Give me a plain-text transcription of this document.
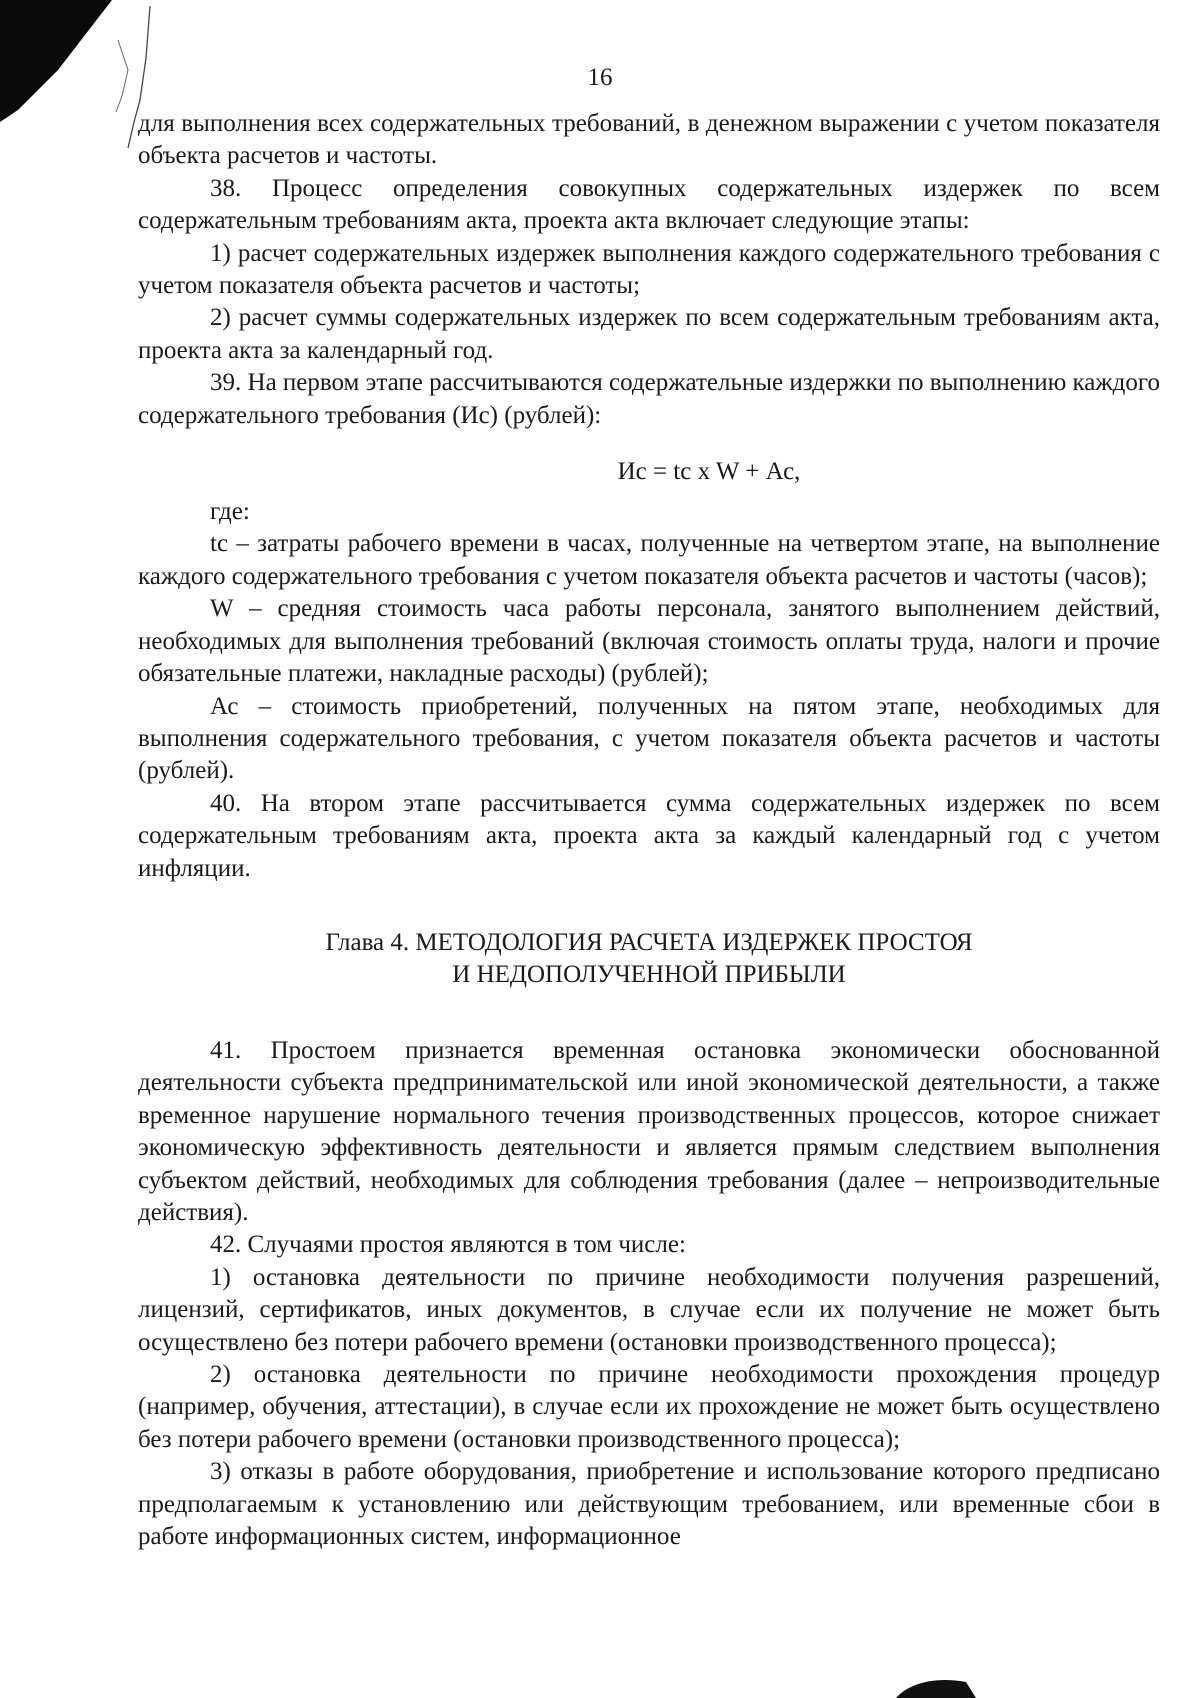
16

для выполнения всех содержательных требований, в денежном выражении с учетом показателя объекта расчетов и частоты.

38. Процесс определения совокупных содержательных издержек по всем содержательным требованиям акта, проекта акта включает следующие этапы:

1) расчет содержательных издержек выполнения каждого содержательного требования с учетом показателя объекта расчетов и частоты;

2) расчет суммы содержательных издержек по всем содержательным требованиям акта, проекта акта за календарный год.

39. На первом этапе рассчитываются содержательные издержки по выполнению каждого содержательного требования (Ис) (рублей):

Ис = tс x W + Ас,

где:

tс – затраты рабочего времени в часах, полученные на четвертом этапе, на выполнение каждого содержательного требования с учетом показателя объекта расчетов и частоты (часов);

W – средняя стоимость часа работы персонала, занятого выполнением действий, необходимых для выполнения требований (включая стоимость оплаты труда, налоги и прочие обязательные платежи, накладные расходы) (рублей);

Ас – стоимость приобретений, полученных на пятом этапе, необходимых для выполнения содержательного требования, с учетом показателя объекта расчетов и частоты (рублей).

40. На втором этапе рассчитывается сумма содержательных издержек по всем содержательным требованиям акта, проекта акта за каждый календарный год с учетом инфляции.

Глава 4. МЕТОДОЛОГИЯ РАСЧЕТА ИЗДЕРЖЕК ПРОСТОЯ
И НЕДОПОЛУЧЕННОЙ ПРИБЫЛИ

41. Простоем признается временная остановка экономически обоснованной деятельности субъекта предпринимательской или иной экономической деятельности, а также временное нарушение нормального течения производственных процессов, которое снижает экономическую эффективность деятельности и является прямым следствием выполнения субъектом действий, необходимых для соблюдения требования (далее – непроизводительные действия).

42. Случаями простоя являются в том числе:

1) остановка деятельности по причине необходимости получения разрешений, лицензий, сертификатов, иных документов, в случае если их получение не может быть осуществлено без потери рабочего времени (остановки производственного процесса);

2) остановка деятельности по причине необходимости прохождения процедур (например, обучения, аттестации), в случае если их прохождение не может быть осуществлено без потери рабочего времени (остановки производственного процесса);

3) отказы в работе оборудования, приобретение и использование которого предписано предполагаемым к установлению или действующим требованием, или временные сбои в работе информационных систем, информационное
